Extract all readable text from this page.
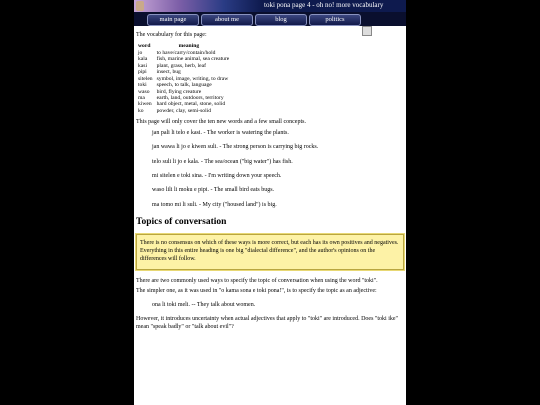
toki pona page 4 - oh no! more vocabulary
main page	about me	blog	politics

The vocabulary for this page:

word	meaning
jo	to have/carry/contain/hold
kala	fish, marine animal, sea creature
kasi	plant, grass, herb, leaf
pipi	insect, bug
sitelen	symbol, image, writing, to draw
toki	speech, to talk, language
waso	bird, flying creature
ma	earth, land, outdoors, territory
kiwen	hard object, metal, stone, solid
ko	powder, clay, semi-solid

This page will only cover the ten new words and a few small concepts.

jan pali li telo e kasi. - The worker is watering the plants.
jan wawa li jo e kiwen suli. - The strong person is carrying big rocks.
telo suli li jo e kala. - The sea/ocean ("big water") has fish.
mi sitelen e toki sina. - I'm writing down your speech.
waso lili li moku e pipi. - The small bird eats bugs.
ma tomo mi li suli. - My city ("housed land") is big.
Topics of conversation
There is no consensus on which of these ways is more correct, but each has its own positives and negatives. Everything in this entire heading is one big "dialectal difference", and the author's opinions on the differences will follow.

There are two commonly used ways to specify the topic of conversation when using the word "toki".

The simpler one, as it was used in "o kama sona e toki pona!", is to specify the topic as an adjective:

ona li toki meli. -- They talk about women.

However, it introduces uncertainty when actual adjectives that apply to "toki" are introduced. Does "toki ike" mean "speak badly" or "talk about evil"?
